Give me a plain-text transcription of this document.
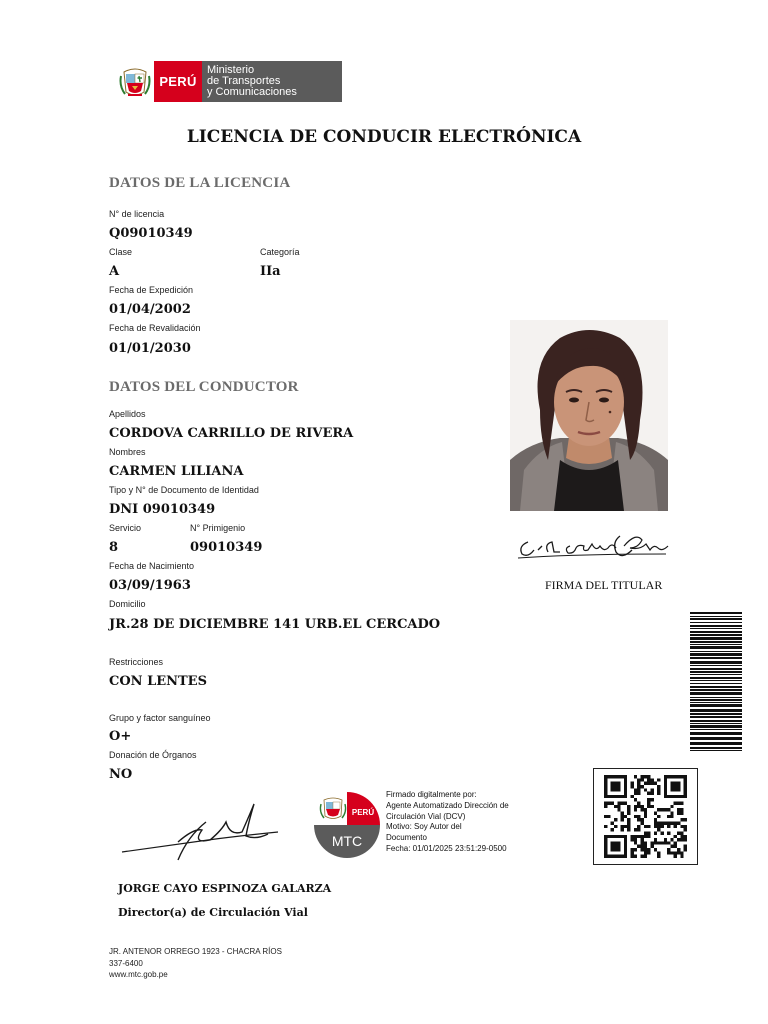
PERÚ
Ministerio
de Transportes
y Comunicaciones
LICENCIA DE CONDUCIR ELECTRÓNICA
DATOS DE LA LICENCIA
N° de licencia
Q09010349
Clase
A
Categoría
IIa
Fecha de Expedición
01/04/2002
Fecha de Revalidación
01/01/2030
DATOS DEL CONDUCTOR
Apellidos
CORDOVA CARRILLO DE RIVERA
Nombres
CARMEN LILIANA
Tipo y N° de Documento de Identidad
DNI 09010349
Servicio
8
N° Primigenio
09010349
Fecha de Nacimiento
03/09/1963
Domicilio
JR.28 DE DICIEMBRE 141 URB.EL CERCADO
Restricciones
CON LENTES
Grupo y factor sanguíneo
O+
Donación de Órganos
NO
FIRMA DEL TITULAR
JORGE CAYO ESPINOZA GALARZA
Director(a) de Circulación Vial
PERÚ
MTC
Firmado digitalmente por:
Agente Automatizado Dirección de
Circulación Vial (DCV)
Motivo: Soy Autor del
Documento
Fecha: 01/01/2025 23:51:29-0500
JR. ANTENOR ORREGO 1923 - CHACRA RÍOS
337-6400
www.mtc.gob.pe
